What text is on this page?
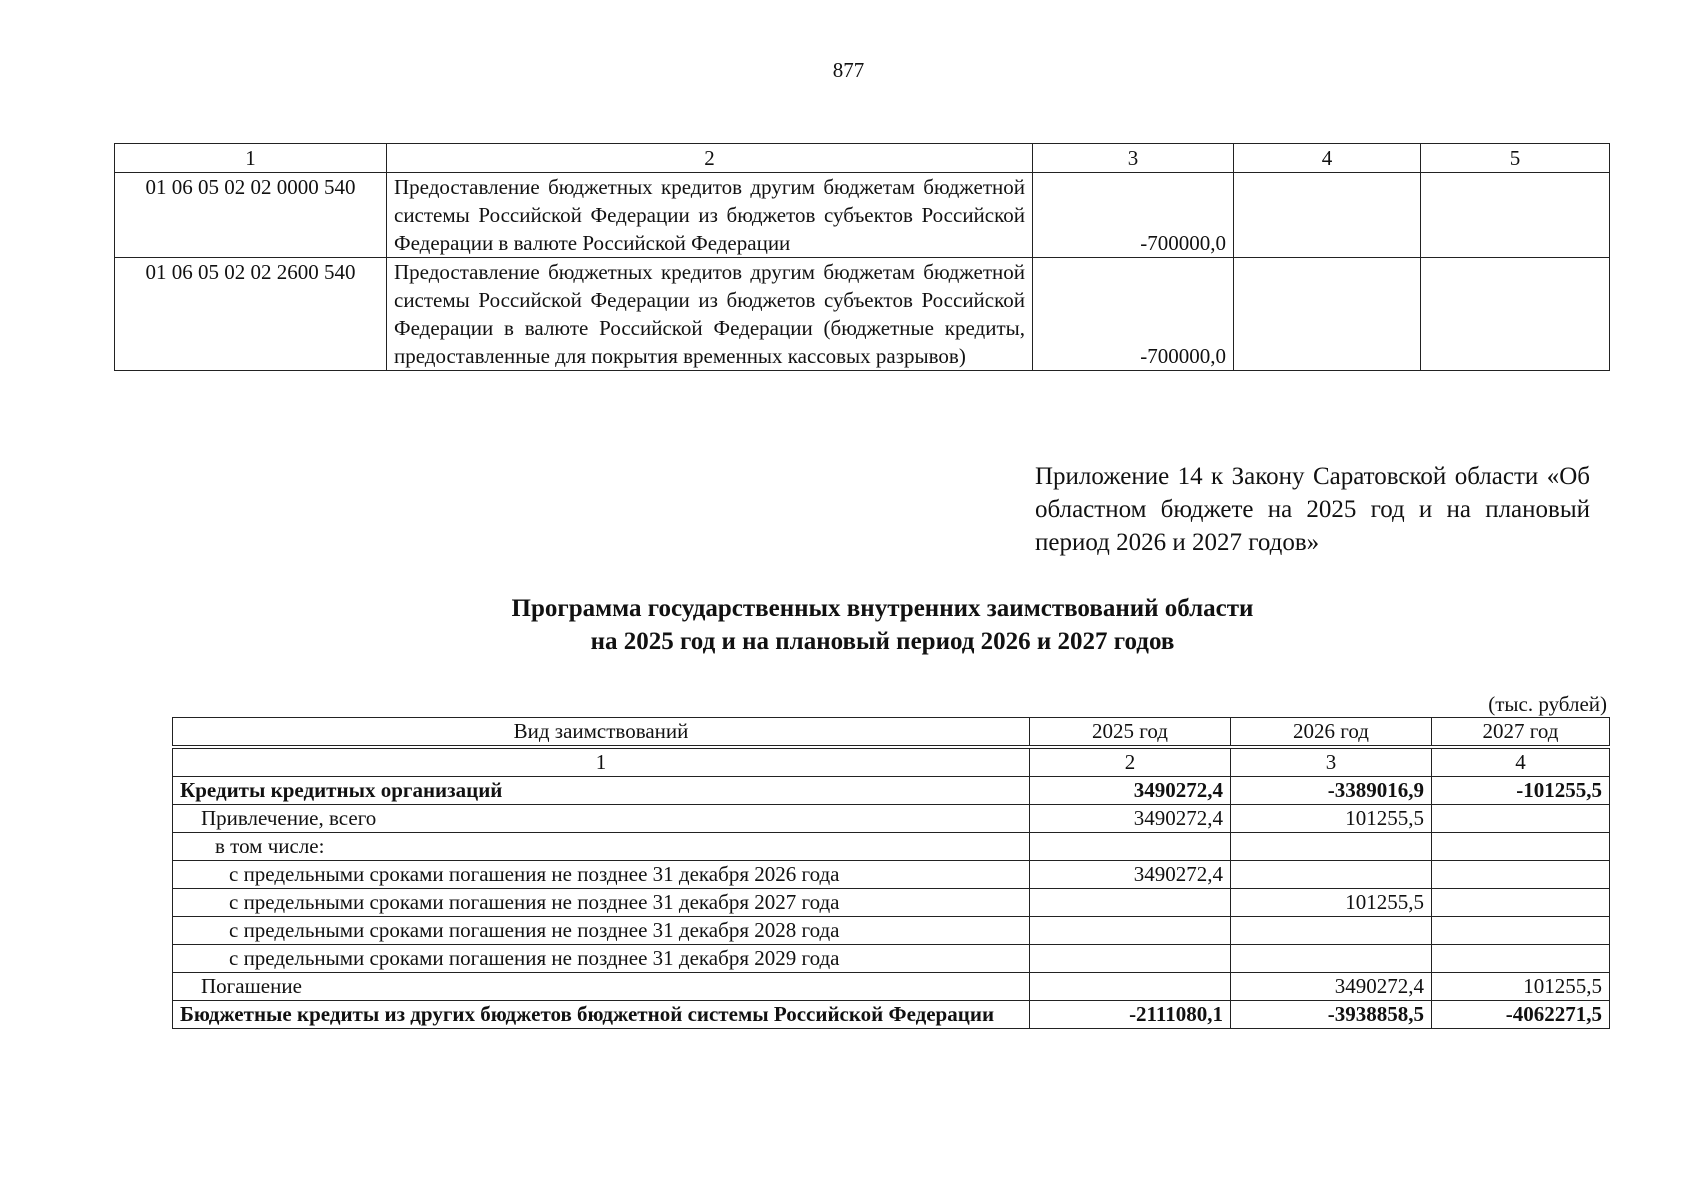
877
1	2	3	4	5
01 06 05 02 02 0000 540	Предоставление бюджетных кредитов другим бюджетам бюджетной системы Российской Федерации из бюджетов субъектов Российской Федерации в валюте Российской Федерации	-700000,0		
01 06 05 02 02 2600 540	Предоставление бюджетных кредитов другим бюджетам бюджетной системы Российской Федерации из бюджетов субъектов Российской Федерации в валюте Российской Федерации (бюджетные кредиты, предоставленные для покрытия временных кассовых разрывов)	-700000,0		
Приложение 14 к Закону Саратовской области «Об областном бюджете на 2025 год и на плановый период 2026 и 2027 годов»
Программа государственных внутренних заимствований области
на 2025 год и на плановый период 2026 и 2027 годов
(тыс. рублей)
Вид заимствований	2025 год	2026 год	2027 год

1	2	3	4
Кредиты кредитных организаций	3490272,4	-3389016,9	-101255,5
Привлечение, всего	3490272,4	101255,5	
в том числе:			
с предельными сроками погашения не позднее 31 декабря 2026 года	3490272,4		
с предельными сроками погашения не позднее 31 декабря 2027 года		101255,5	
с предельными сроками погашения не позднее 31 декабря 2028 года			
с предельными сроками погашения не позднее 31 декабря 2029 года			
Погашение		3490272,4	101255,5
Бюджетные кредиты из других бюджетов бюджетной системы Российской Федерации	-2111080,1	-3938858,5	-4062271,5
